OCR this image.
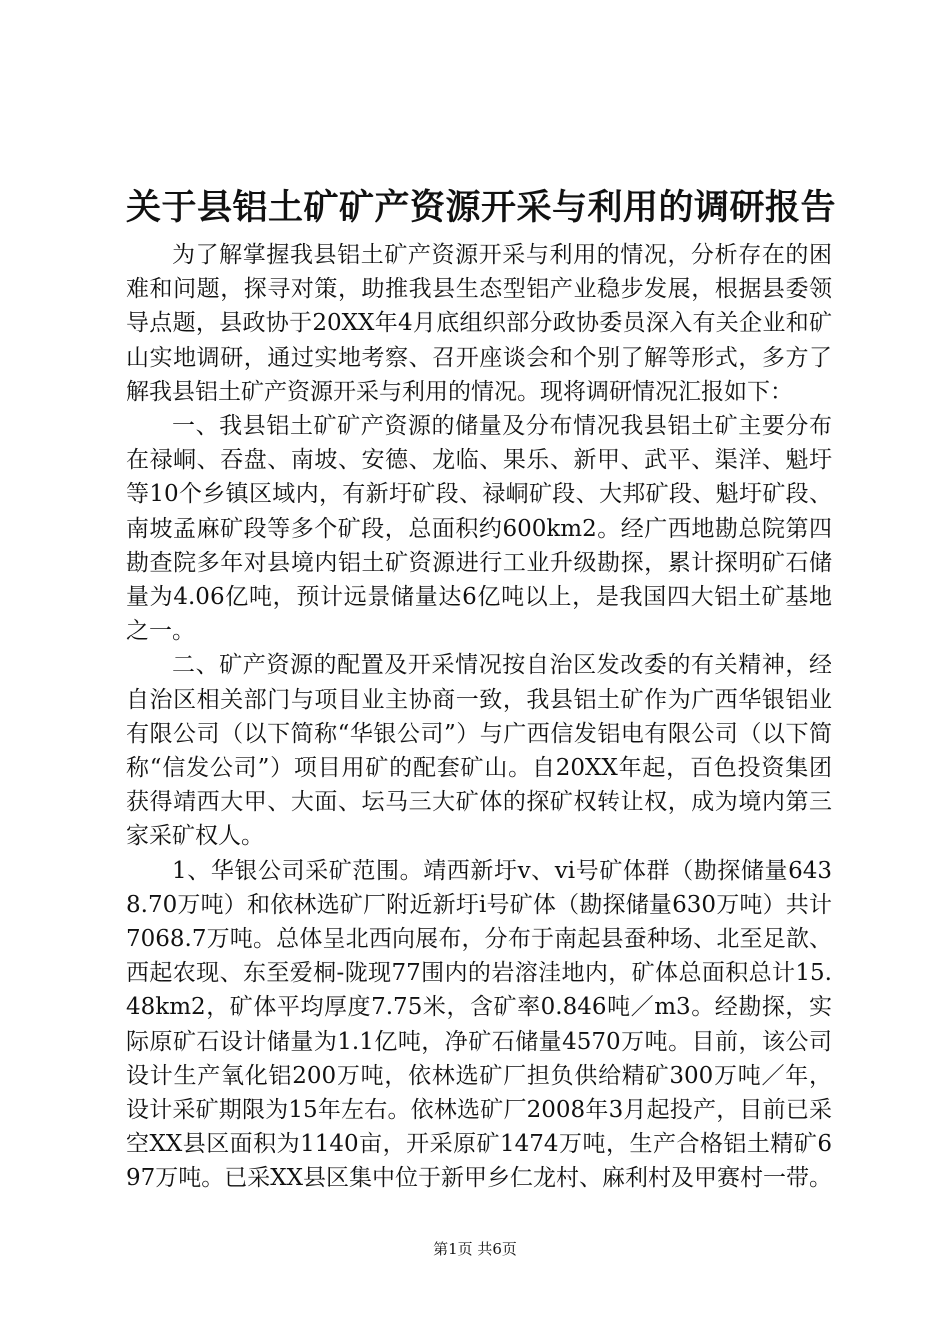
关于县铝土矿矿产资源开采与利用的调研报告

为了解掌握我县铝土矿产资源开采与利用的情况，分析存在的困难和问题，探寻对策，助推我县生态型铝产业稳步发展，根据县委领导点题，县政协于20XX年4月底组织部分政协委员深入有关企业和矿山实地调研，通过实地考察、召开座谈会和个别了解等形式，多方了解我县铝土矿产资源开采与利用的情况。现将调研情况汇报如下：

一、我县铝土矿矿产资源的储量及分布情况我县铝土矿主要分布在禄峒、吞盘、南坡、安德、龙临、果乐、新甲、武平、渠洋、魁圩等10个乡镇区域内，有新圩矿段、禄峒矿段、大邦矿段、魁圩矿段、南坡孟麻矿段等多个矿段，总面积约600km2。经广西地勘总院第四勘查院多年对县境内铝土矿资源进行工业升级勘探，累计探明矿石储量为4.06亿吨，预计远景储量达6亿吨以上，是我国四大铝土矿基地之一。

二、矿产资源的配置及开采情况按自治区发改委的有关精神，经自治区相关部门与项目业主协商一致，我县铝土矿作为广西华银铝业有限公司（以下简称“华银公司”）与广西信发铝电有限公司（以下简称“信发公司”）项目用矿的配套矿山。自20XX年起，百色投资集团获得靖西大甲、大面、坛马三大矿体的探矿权转让权，成为境内第三家采矿权人。

1、华银公司采矿范围。靖西新圩ⅴ、ⅵ号矿体群（勘探储量6438.70万吨）和依林选矿厂附近新圩ⅰ号矿体（勘探储量630万吨）共计7068.7万吨。总体呈北西向展布，分布于南起县蚕种场、北至足歆、西起农现、东至爱桐-陇现77围内的岩溶洼地内，矿体总面积总计15.48km2，矿体平均厚度7.75米，含矿率0.846吨／m3。经勘探，实际原矿石设计储量为1.1亿吨，净矿石储量4570万吨。目前，该公司设计生产氧化铝200万吨，依林选矿厂担负供给精矿300万吨／年，设计采矿期限为15年左右。依林选矿厂2008年3月起投产，目前已采空XX县区面积为1140亩，开采原矿1474万吨，生产合格铝土精矿697万吨。已采XX县区集中位于新甲乡仁龙村、麻利村及甲赛村一带。

第1页 共6页
